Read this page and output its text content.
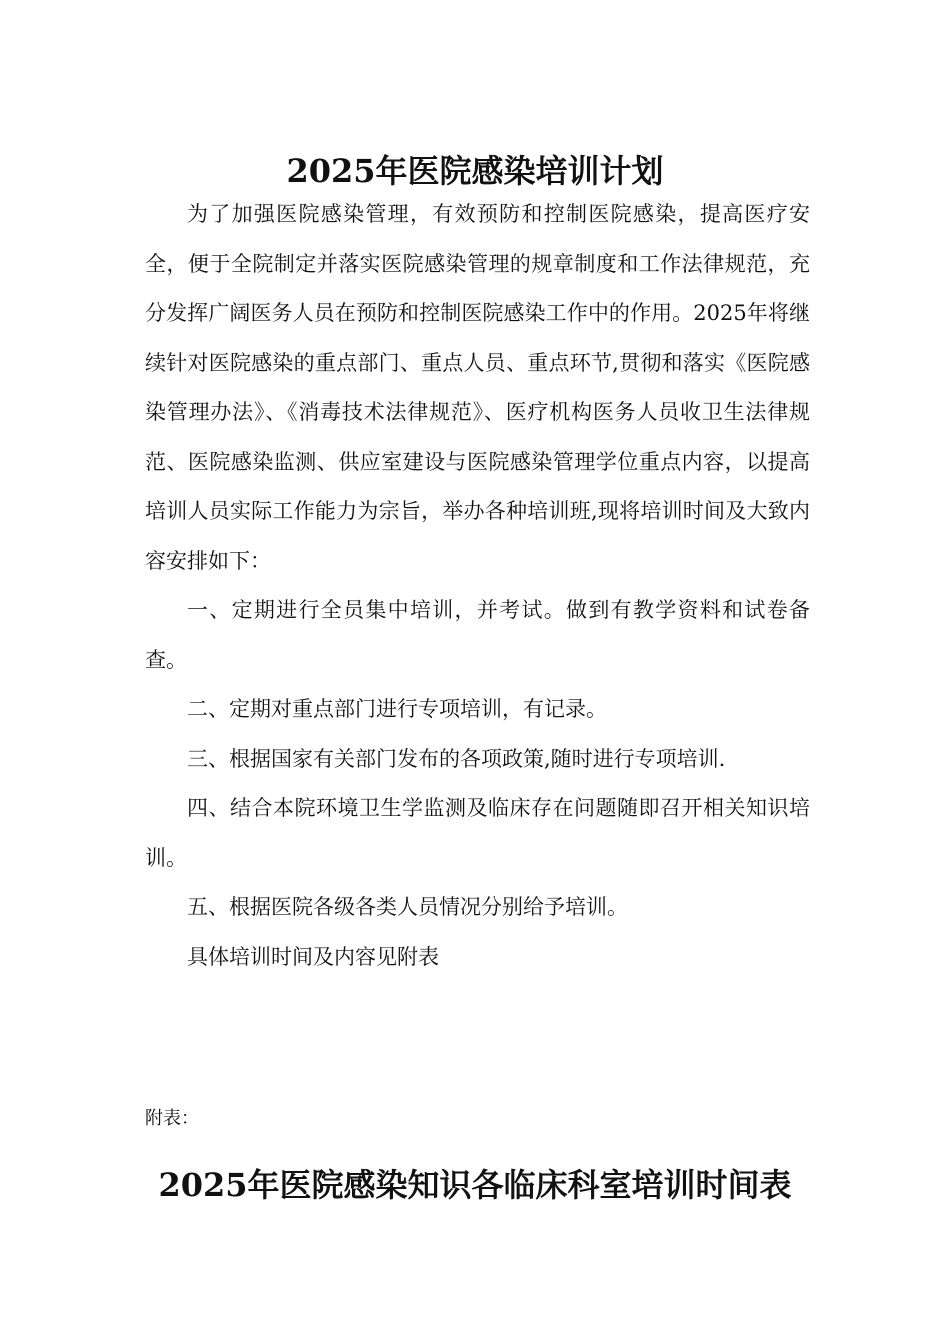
2025年医院感染培训计划

为了加强医院感染管理，有效预防和控制医院感染，提高医疗安全，便于全院制定并落实医院感染管理的规章制度和工作法律规范，充分发挥广阔医务人员在预防和控制医院感染工作中的作用。2025年将继续针对医院感染的重点部门、重点人员、重点环节,贯彻和落实《医院感染管理办法》、《消毒技术法律规范》、医疗机构医务人员收卫生法律规范、医院感染监测、供应室建设与医院感染管理学位重点内容，以提高培训人员实际工作能力为宗旨，举办各种培训班,现将培训时间及大致内容安排如下：

一、定期进行全员集中培训，并考试。做到有教学资料和试卷备查。

二、定期对重点部门进行专项培训，有记录。

三、根据国家有关部门发布的各项政策,随时进行专项培训.

四、结合本院环境卫生学监测及临床存在问题随即召开相关知识培训。

五、根据医院各级各类人员情况分别给予培训。

具体培训时间及内容见附表

附表：
2025年医院感染知识各临床科室培训时间表
